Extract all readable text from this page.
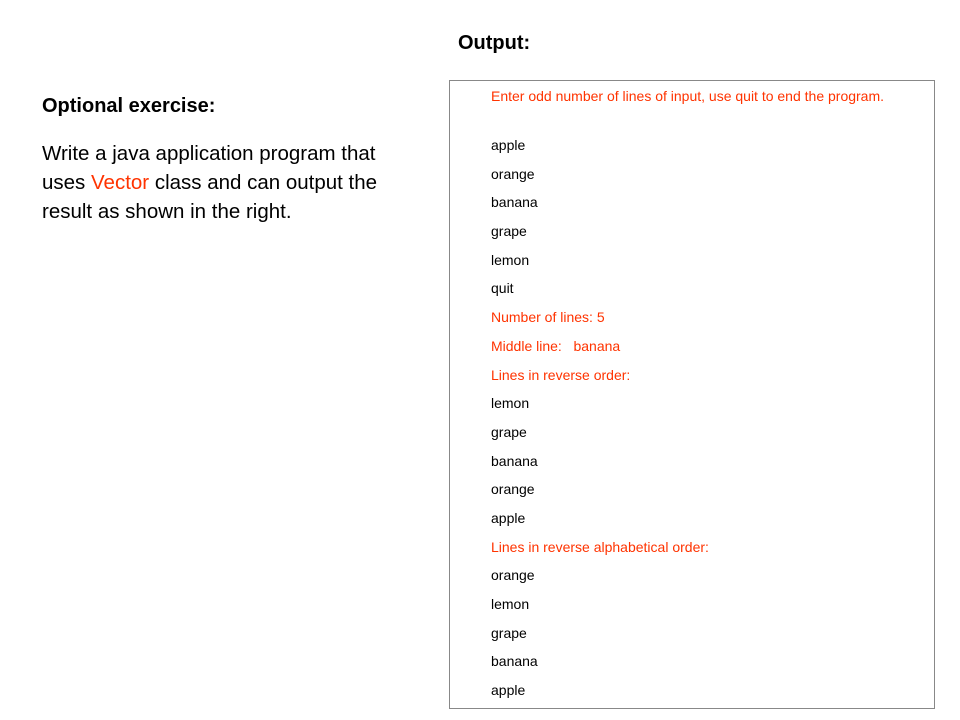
Output:
Optional exercise:

Write a java application program that uses Vector class and can output the result as shown in the right.

Enter odd number of lines of input, use quit to end the program.

apple

orange

banana

grape

lemon

quit

Number of lines: 5

Middle line:   banana

Lines in reverse order:

lemon

grape

banana

orange

apple

Lines in reverse alphabetical order:

orange

lemon

grape

banana

apple
